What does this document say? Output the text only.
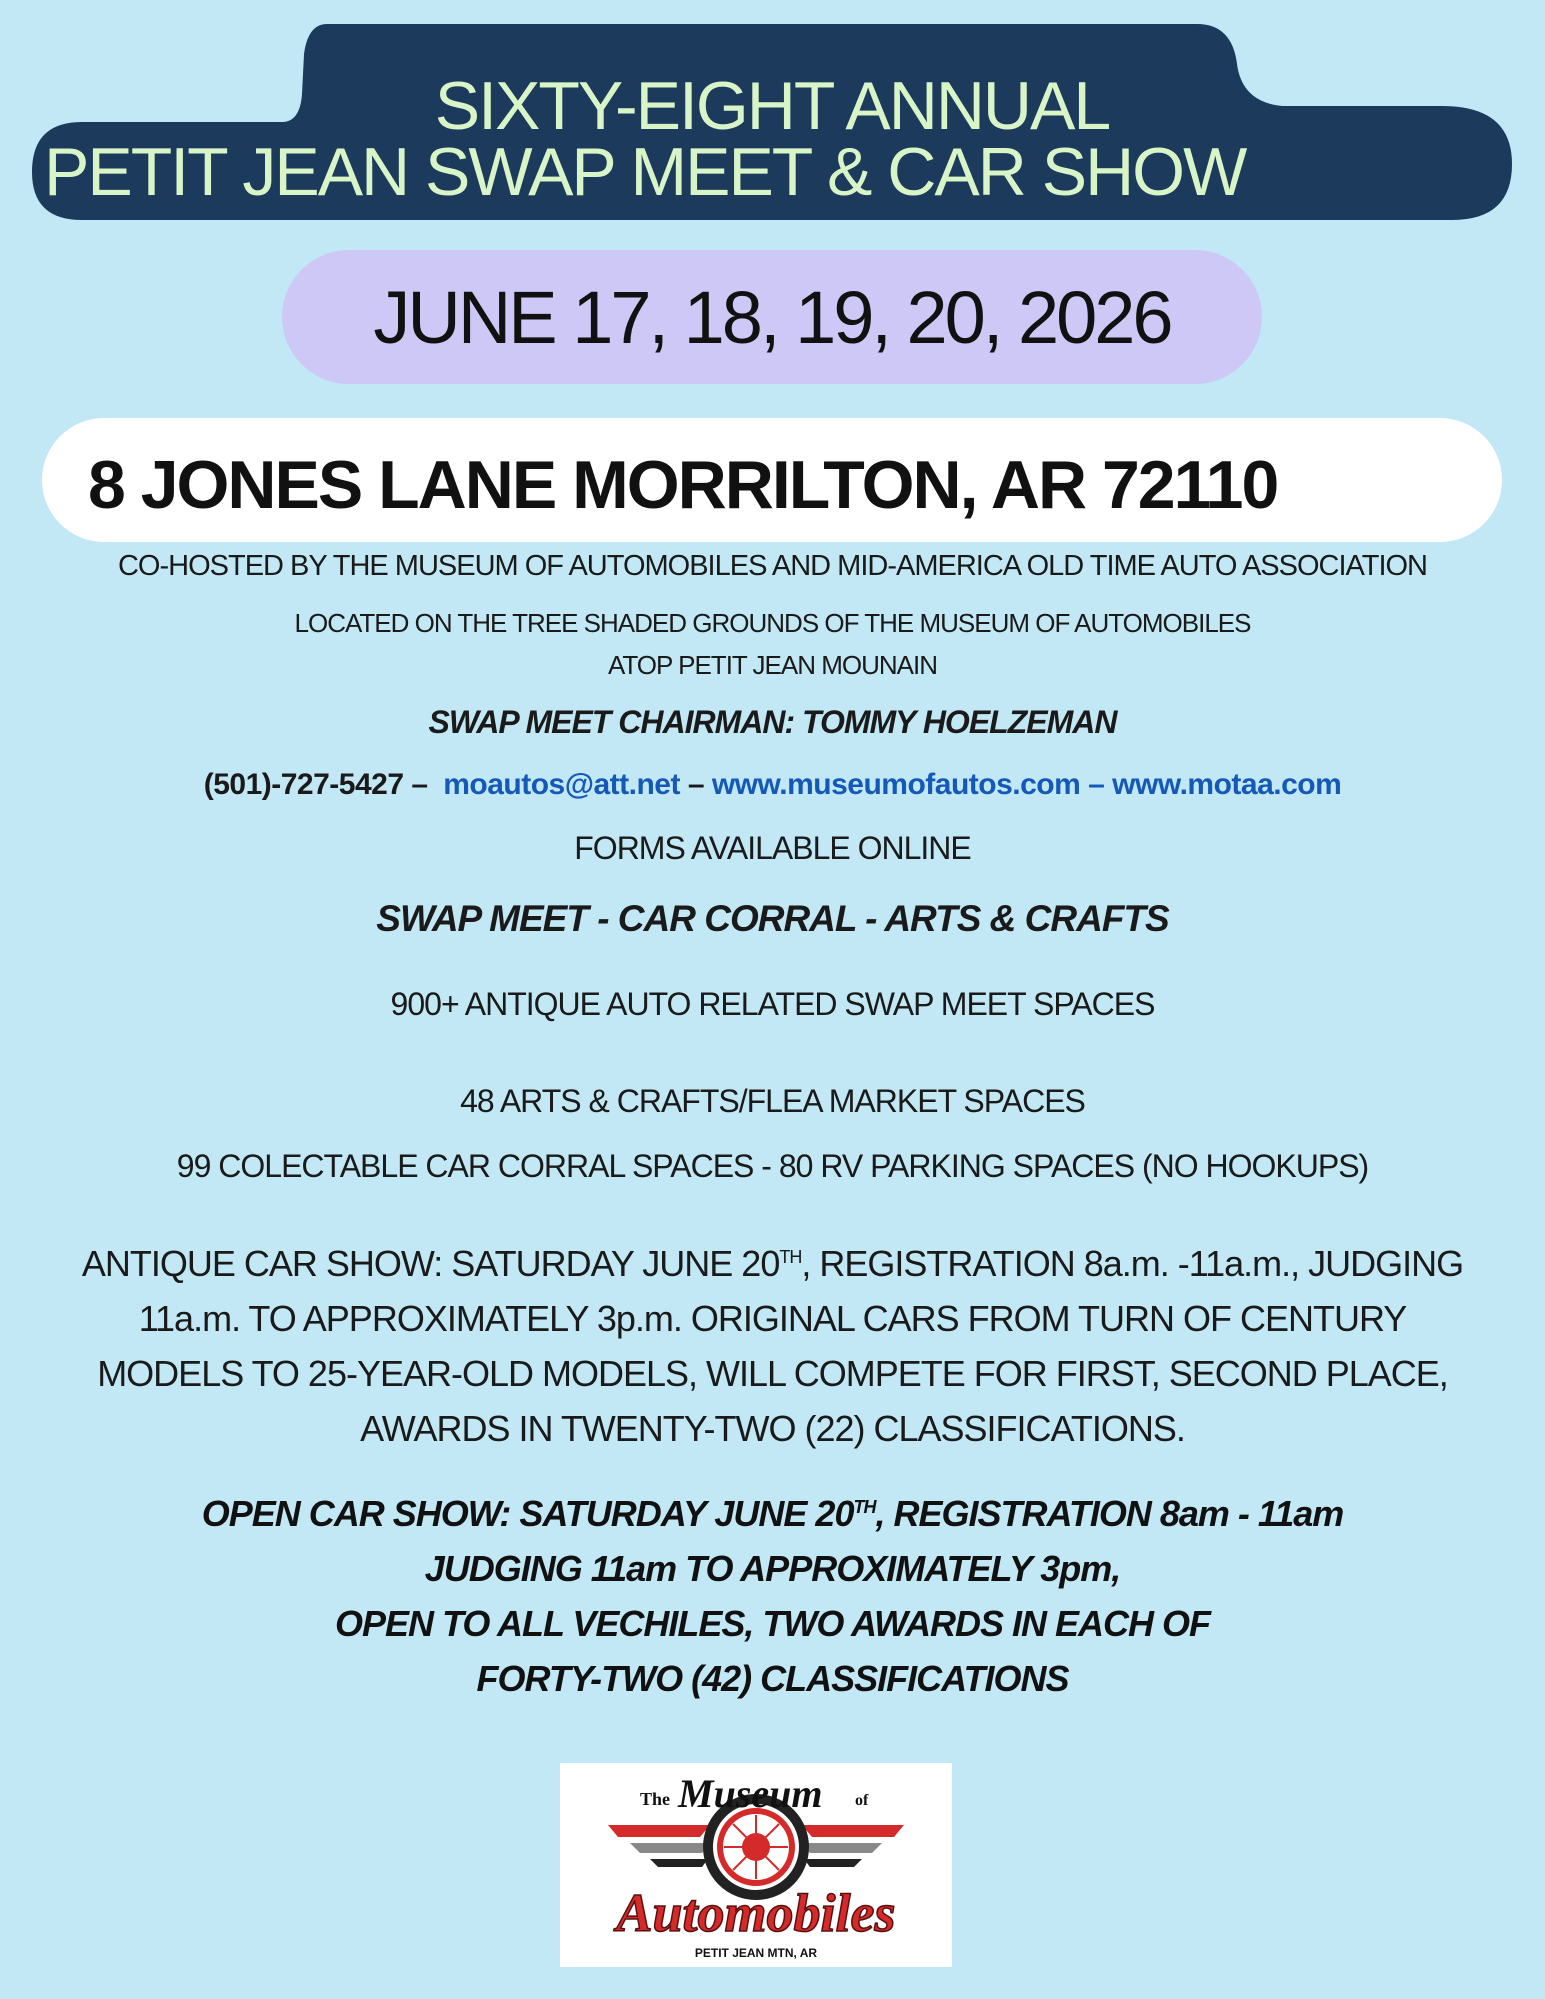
SIXTY-EIGHT ANNUAL
PETIT JEAN SWAP MEET & CAR SHOW
JUNE 17, 18, 19, 20, 2026
8 JONES LANE MORRILTON, AR 72110
CO-HOSTED BY THE MUSEUM OF AUTOMOBILES AND MID-AMERICA OLD TIME AUTO ASSOCIATION
LOCATED ON THE TREE SHADED GROUNDS OF THE MUSEUM OF AUTOMOBILES
ATOP PETIT JEAN MOUNAIN
SWAP MEET CHAIRMAN: TOMMY HOELZEMAN
(501)-727-5427 – moautos@att.net – www.museumofautos.com – www.motaa.com
FORMS AVAILABLE ONLINE
SWAP MEET - CAR CORRAL - ARTS & CRAFTS
900+ ANTIQUE AUTO RELATED SWAP MEET SPACES
48 ARTS & CRAFTS/FLEA MARKET SPACES
99 COLECTABLE CAR CORRAL SPACES - 80 RV PARKING SPACES (NO HOOKUPS)
ANTIQUE CAR SHOW: SATURDAY JUNE 20TH, REGISTRATION 8a.m. -11a.m., JUDGING
11a.m. TO APPROXIMATELY 3p.m. ORIGINAL CARS FROM TURN OF CENTURY
MODELS TO 25-YEAR-OLD MODELS, WILL COMPETE FOR FIRST, SECOND PLACE,
AWARDS IN TWENTY-TWO (22) CLASSIFICATIONS.
OPEN CAR SHOW: SATURDAY JUNE 20TH, REGISTRATION 8am - 11am
JUDGING 11am TO APPROXIMATELY 3pm,
OPEN TO ALL VECHILES, TWO AWARDS IN EACH OF
FORTY-TWO (42) CLASSIFICATIONS
The Museum of
Automobiles
PETIT JEAN MTN, AR
